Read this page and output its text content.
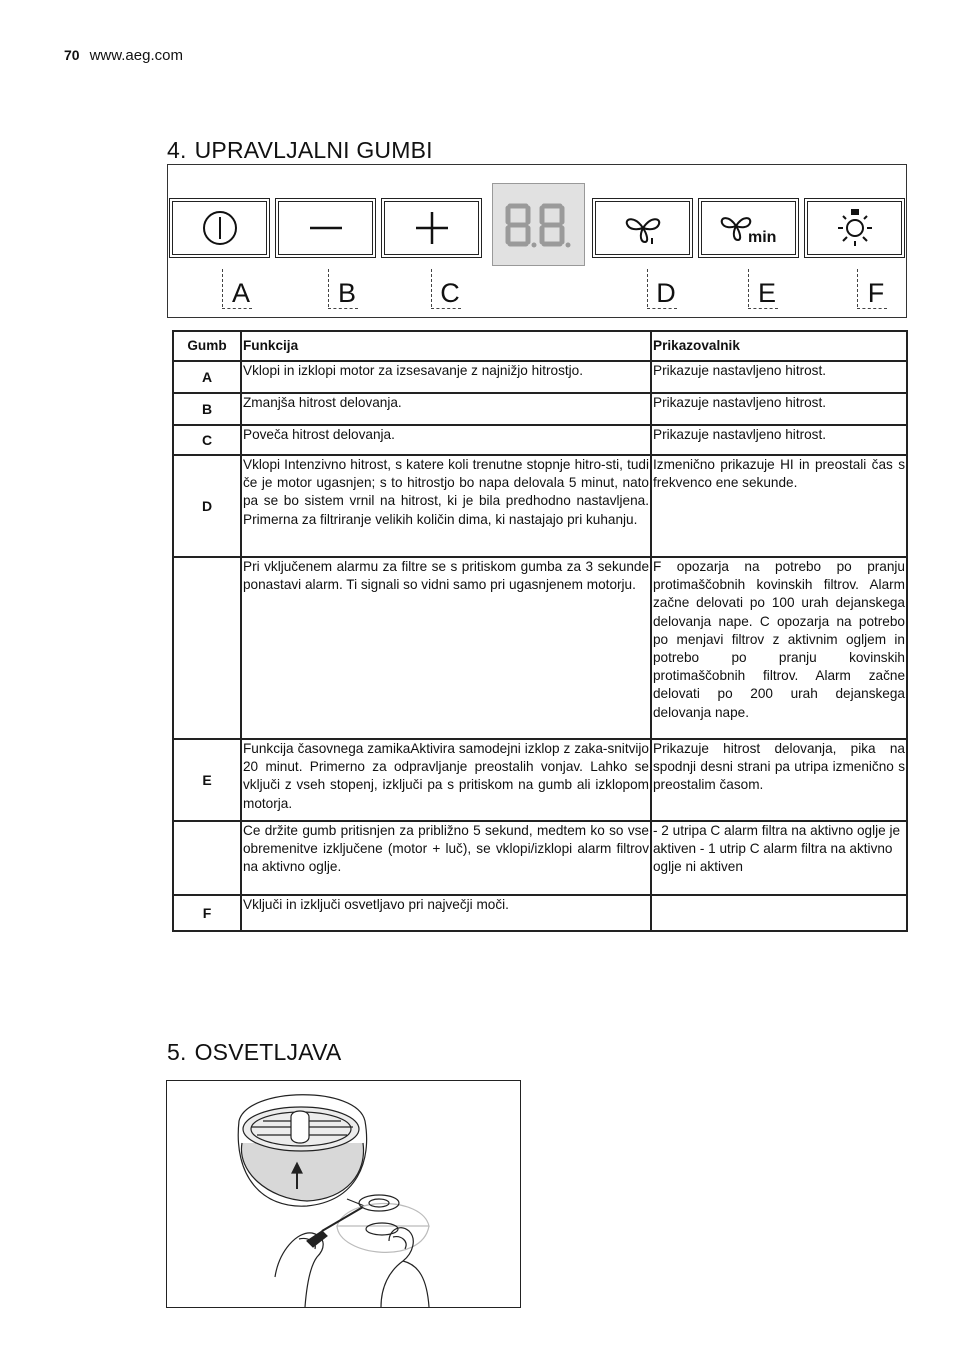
70 www.aeg.com
4. UPRAVLJALNI GUMBI
8.8.
min
A	B	C	D	E	F
Gumb	Funkcija	Prikazovalnik
A	Vklopi in izklopi motor za izsesavanje z najnižjo hitrostjo.	Prikazuje nastavljeno hitrost.
B	Zmanjša hitrost delovanja.	Prikazuje nastavljeno hitrost.
C	Poveča hitrost delovanja.	Prikazuje nastavljeno hitrost.
D	Vklopi Intenzivno hitrost, s katere koli trenutne stopnje hitro-sti, tudi če je motor ugasnjen; s to hitrostjo bo napa delovala 5 minut, nato pa se bo sistem vrnil na hitrost, ki je bila predhodno nastavljena. Primerna za filtriranje velikih količin dima, ki nastajajo pri kuhanju.	Izmenično prikazuje HI in preostali čas s frekvenco ene sekunde.
	Pri vključenem alarmu za filtre se s pritiskom gumba za 3 sekunde ponastavi alarm. Ti signali so vidni samo pri ugasnjenem motorju.	F opozarja na potrebo po pranju protimaščobnih kovinskih filtrov. Alarm začne delovati po 100 urah dejanskega delovanja nape. C opozarja na potrebo po menjavi filtrov z aktivnim ogljem in potrebo po pranju kovinskih protimaščobnih filtrov. Alarm začne delovati po 200 urah dejanskega delovanja nape.
E	Funkcija časovnega zamikaAktivira samodejni izklop z zaka-snitvijo 20 minut. Primerno za odpravljanje preostalih vonjav. Lahko se vključi z vseh stopenj, izključi pa s pritiskom na gumb ali izklopom motorja.	Prikazuje hitrost delovanja, pika na spodnji desni strani pa utripa izmenično s preostalim časom.
	Ce držite gumb pritisnjen za približno 5 sekund, medtem ko so vse obremenitve izključene (motor + luč), se vklopi/izklopi alarm filtrov na aktivno oglje.	- 2 utripa C alarm filtra na aktivno oglje je aktiven - 1 utrip C alarm filtra na aktivno oglje ni aktiven
F	Vključi in izključi osvetljavo pri največji moči.	
5. OSVETLJAVA
